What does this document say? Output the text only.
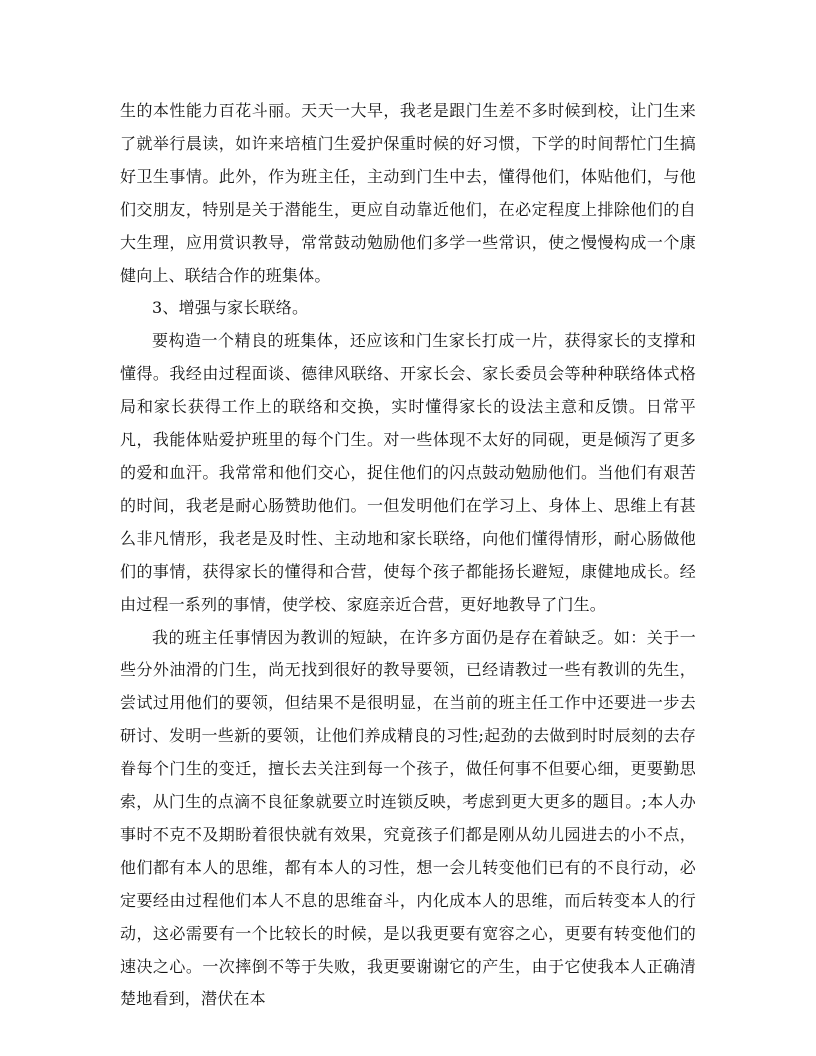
生的本性能力百花斗丽。天天一大早，我老是跟门生差不多时候到校，让门生来了就举行晨读，如许来培植门生爱护保重时候的好习惯，下学的时间帮忙门生搞好卫生事情。此外，作为班主任，主动到门生中去，懂得他们，体贴他们，与他们交朋友，特别是关于潜能生，更应自动靠近他们，在必定程度上排除他们的自大生理，应用赏识教导，常常鼓动勉励他们多学一些常识，使之慢慢构成一个康健向上、联结合作的班集体。

3、增强与家长联络。

要构造一个精良的班集体，还应该和门生家长打成一片，获得家长的支撑和懂得。我经由过程面谈、德律风联络、开家长会、家长委员会等种种联络体式格局和家长获得工作上的联络和交换，实时懂得家长的设法主意和反馈。日常平凡，我能体贴爱护班里的每个门生。对一些体现不太好的同砚，更是倾泻了更多的爱和血汗。我常常和他们交心，捉住他们的闪点鼓动勉励他们。当他们有艰苦的时间，我老是耐心肠赞助他们。一但发明他们在学习上、身体上、思维上有甚么非凡情形，我老是及时性、主动地和家长联络，向他们懂得情形，耐心肠做他们的事情，获得家长的懂得和合营，使每个孩子都能扬长避短，康健地成长。经由过程一系列的事情，使学校、家庭亲近合营，更好地教导了门生。

我的班主任事情因为教训的短缺，在许多方面仍是存在着缺乏。如：关于一些分外油滑的门生，尚无找到很好的教导要领，已经请教过一些有教训的先生，尝试过用他们的要领，但结果不是很明显，在当前的班主任工作中还要进一步去研讨、发明一些新的要领，让他们养成精良的习性;起劲的去做到时时辰刻的去存眷每个门生的变迁，擅长去关注到每一个孩子，做任何事不但要心细，更要勤思索，从门生的点滴不良征象就要立时连锁反映，考虑到更大更多的题目。;本人办事时不克不及期盼着很快就有效果，究竟孩子们都是刚从幼儿园进去的小不点，他们都有本人的思维，都有本人的习性，想一会儿转变他们已有的不良行动，必定要经由过程他们本人不息的思维奋斗，内化成本人的思维，而后转变本人的行动，这必需要有一个比较长的时候，是以我更要有宽容之心，更要有转变他们的速决之心。一次摔倒不等于失败，我更要谢谢它的产生，由于它使我本人正确清楚地看到，潜伏在本
